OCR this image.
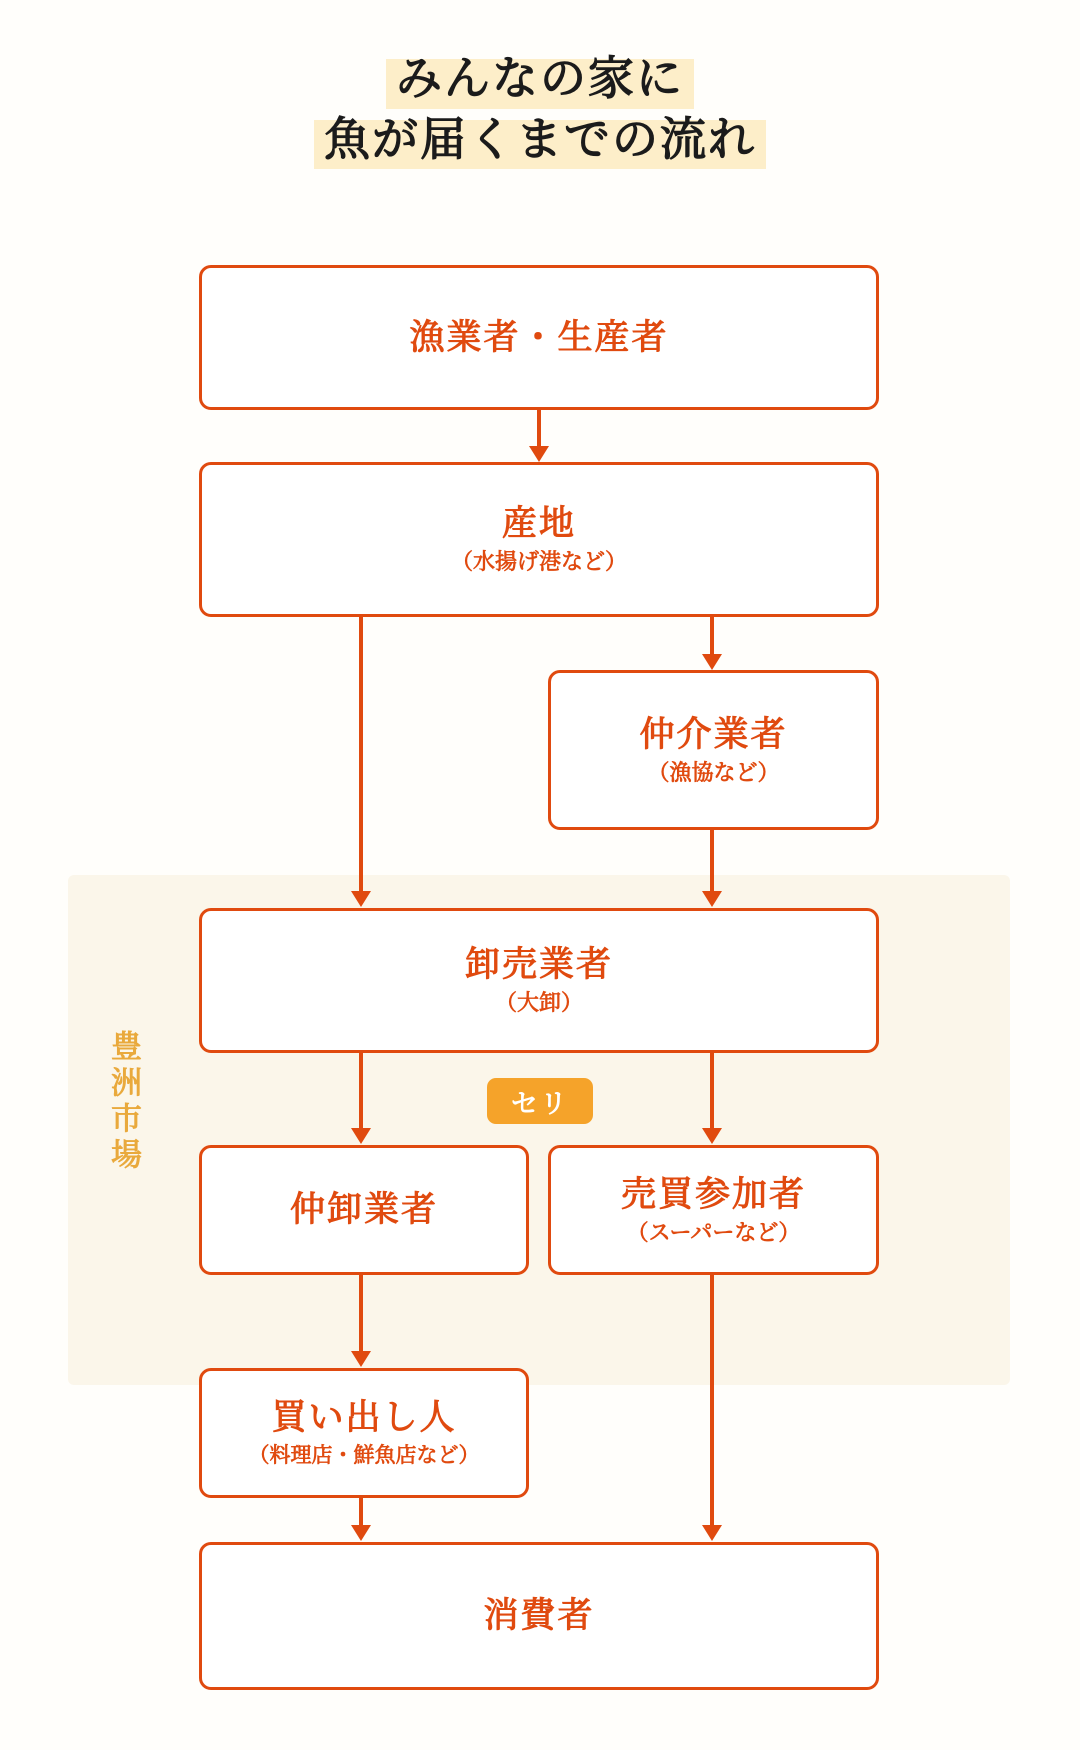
みんなの家に
魚が届くまでの流れ
豊洲市場
漁業者・生産者
産地
（水揚げ港など）
仲介業者
（漁協など）
卸売業者
（大卸）
仲卸業者	売買参加者
（スーパーなど）
買い出し人
（料理店・鮮魚店など）
消費者
セリ
